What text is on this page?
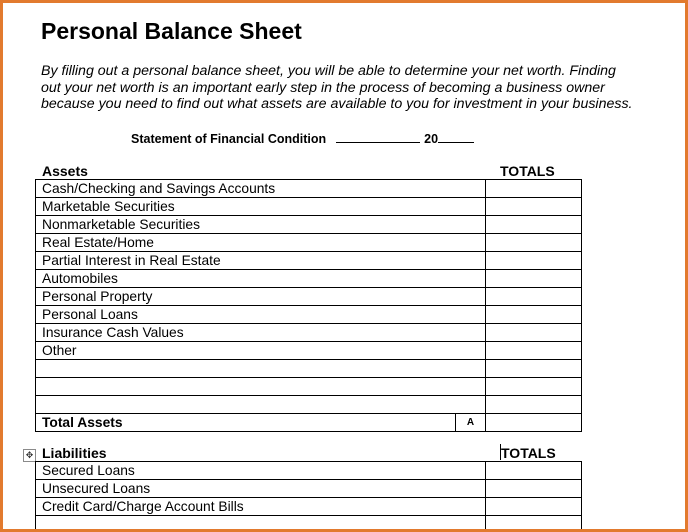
Personal Balance Sheet
By filling out a personal balance sheet, you will be able to determine your net worth. Finding
out your net worth is an important early step in the process of becoming a business owner
because you need to find out what assets are available to you for investment in your business.
Statement of Financial Condition	20
Assets	TOTALS
Cash/Checking and Savings Accounts		
Marketable Securities		
Nonmarketable Securities		
Real Estate/Home		
Partial Interest in Real Estate		
Automobiles		
Personal Property		
Personal Loans		
Insurance Cash Values		
Other		

Total Assets	A	
✥ Liabilities	TOTALS
Secured Loans	
Unsecured Loans	
Credit Card/Charge Account Bills	
